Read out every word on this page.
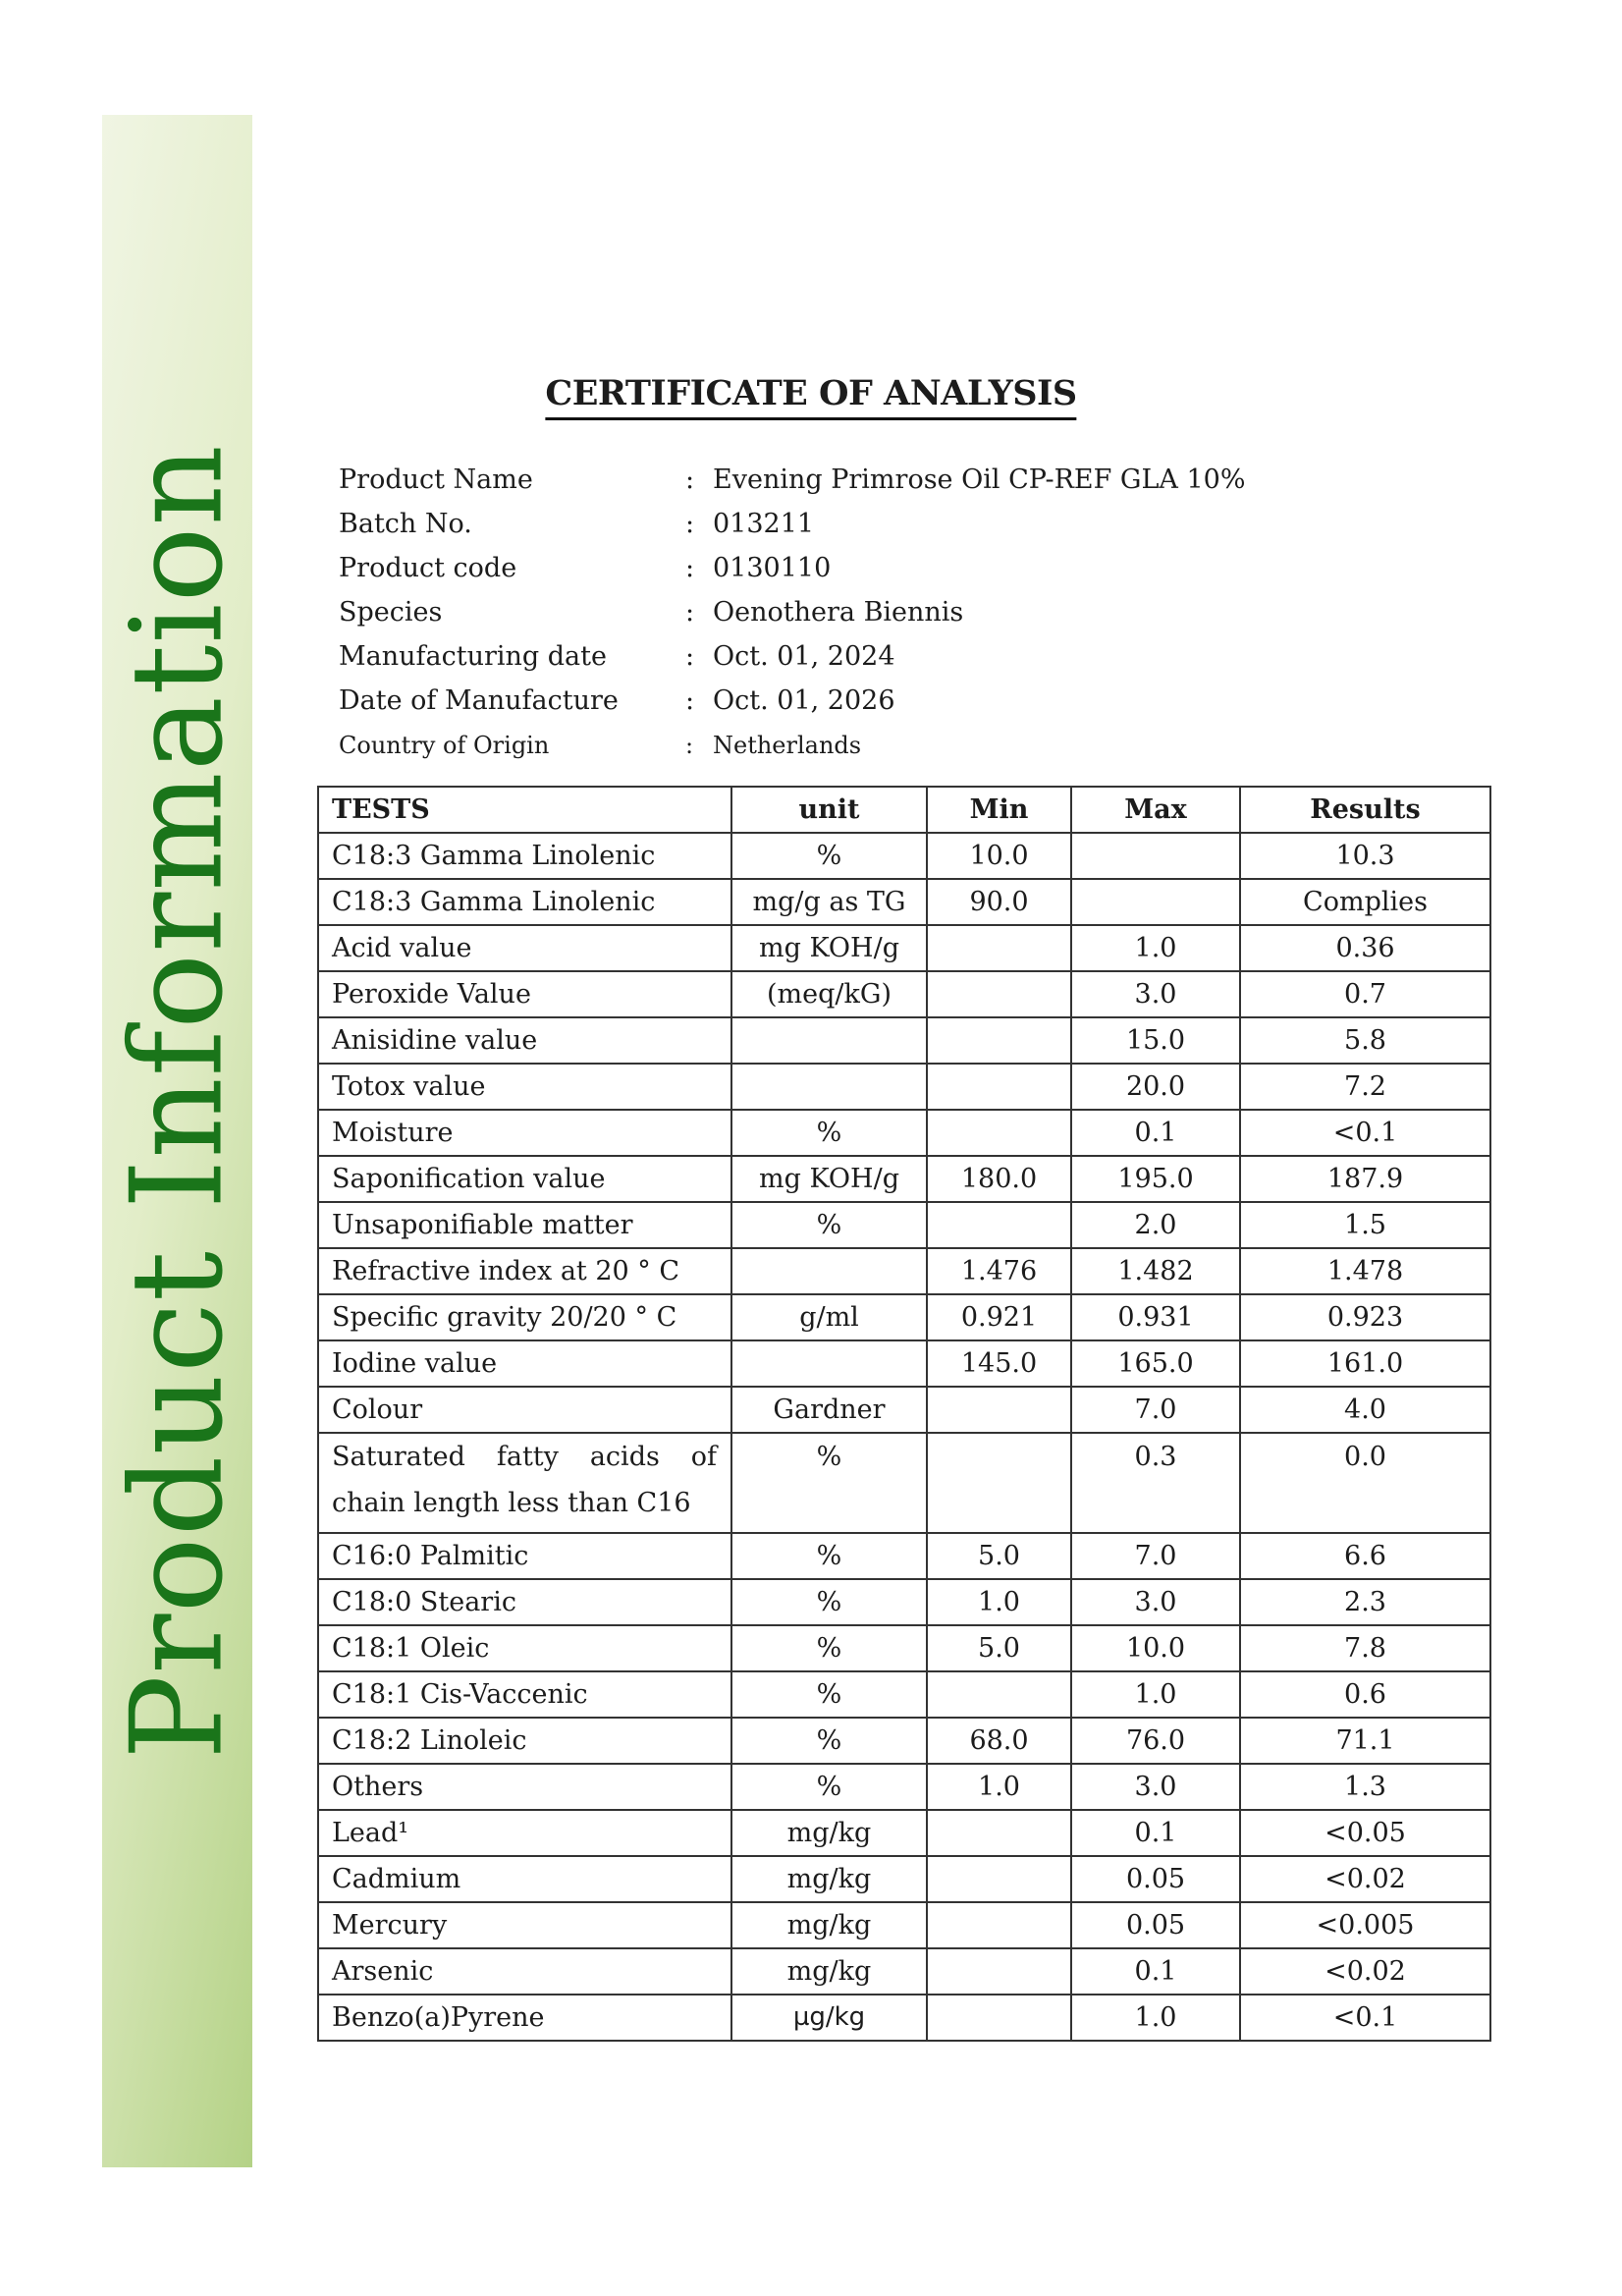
Product Information
CERTIFICATE OF ANALYSIS
Product Name	: Evening Primrose Oil CP-REF GLA 10%
Batch No.	: 013211
Product code	: 0130110
Species	: Oenothera Biennis
Manufacturing date	: Oct. 01, 2024
Date of Manufacture	: Oct. 01, 2026
Country of Origin	: Netherlands
TESTS	unit	Min	Max	Results
C18:3 Gamma Linolenic	%	10.0		10.3
C18:3 Gamma Linolenic	mg/g as TG	90.0		Complies
Acid value	mg KOH/g		1.0	0.36
Peroxide Value	(meq/kG)		3.0	0.7
Anisidine value			15.0	5.8
Totox value			20.0	7.2
Moisture	%		0.1	<0.1
Saponification value	mg KOH/g	180.0	195.0	187.9
Unsaponifiable matter	%		2.0	1.5
Refractive index at 20 ° C		1.476	1.482	1.478
Specific gravity 20/20 ° C	g/ml	0.921	0.931	0.923
Iodine value		145.0	165.0	161.0
Colour	Gardner		7.0	4.0
Saturated fatty acids of chain length less than C16	%		0.3	0.0
C16:0 Palmitic	%	5.0	7.0	6.6
C18:0 Stearic	%	1.0	3.0	2.3
C18:1 Oleic	%	5.0	10.0	7.8
C18:1 Cis-Vaccenic	%		1.0	0.6
C18:2 Linoleic	%	68.0	76.0	71.1
Others	%	1.0	3.0	1.3
Lead¹	mg/kg		0.1	<0.05
Cadmium	mg/kg		0.05	<0.02
Mercury	mg/kg		0.05	<0.005
Arsenic	mg/kg		0.1	<0.02
Benzo(a)Pyrene	µg/kg		1.0	<0.1
